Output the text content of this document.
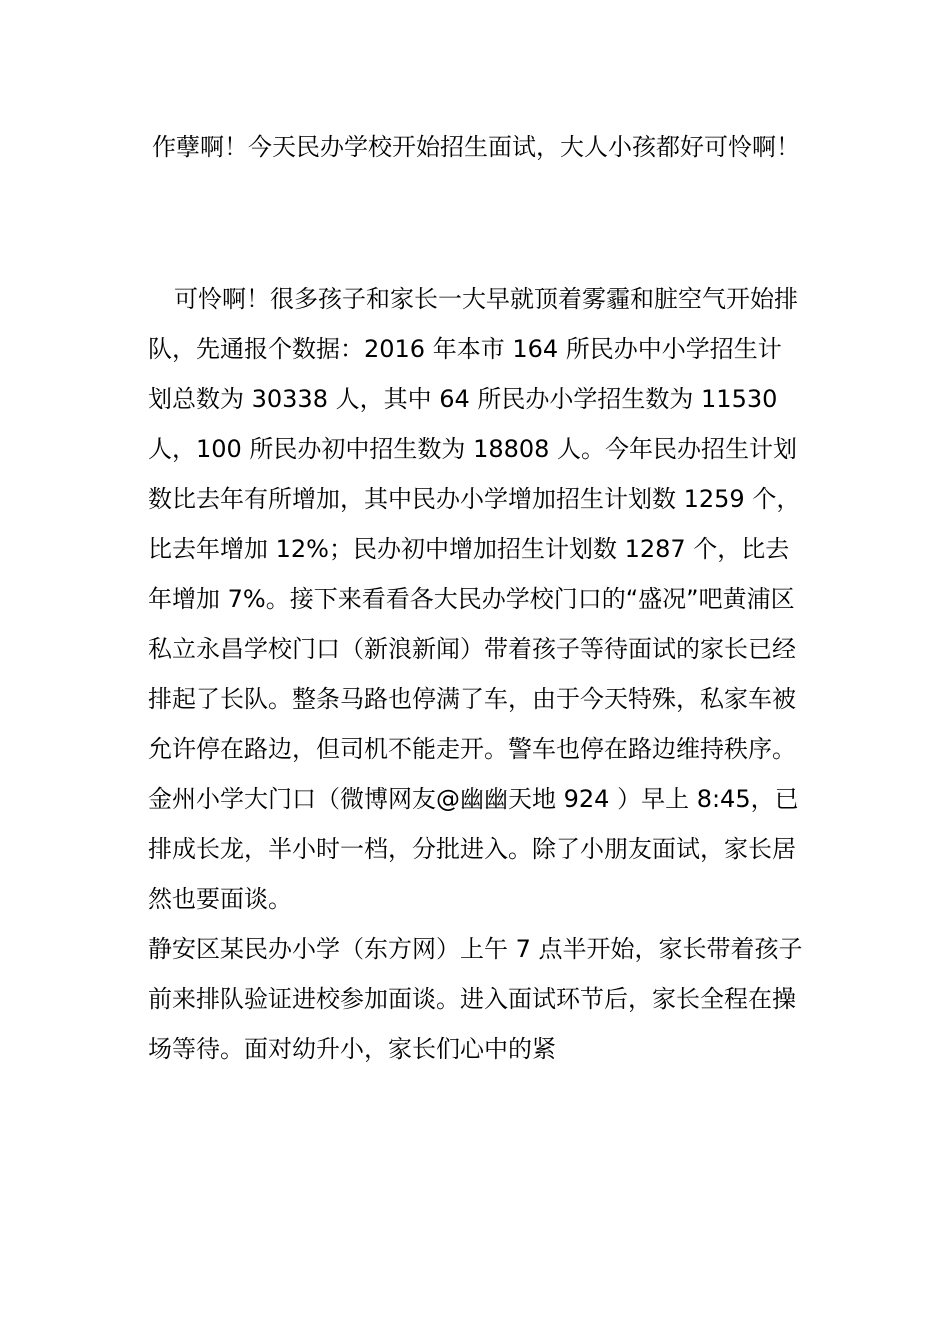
作孽啊！今天民办学校开始招生面试，大人小孩都好可怜啊！

可怜啊！很多孩子和家长一大早就顶着雾霾和脏空气开始排队，先通报个数据：2016 年本市 164 所民办中小学招生计划总数为 30338 人，其中 64 所民办小学招生数为 11530 人，100 所民办初中招生数为 18808 人。今年民办招生计划数比去年有所增加，其中民办小学增加招生计划数 1259 个，比去年增加 12%；民办初中增加招生计划数 1287 个，比去年增加 7%。接下来看看各大民办学校门口的“盛况”吧黄浦区私立永昌学校门口（新浪新闻）带着孩子等待面试的家长已经排起了长队。整条马路也停满了车，由于今天特殊，私家车被允许停在路边，但司机不能走开。警车也停在路边维持秩序。

金州小学大门口（微博网友@幽幽天地 924 ）早上 8:45，已排成长龙，半小时一档，分批进入。除了小朋友面试，家长居然也要面谈。

静安区某民办小学（东方网）上午 7 点半开始，家长带着孩子前来排队验证进校参加面谈。进入面试环节后，家长全程在操场等待。面对幼升小，家长们心中的紧
